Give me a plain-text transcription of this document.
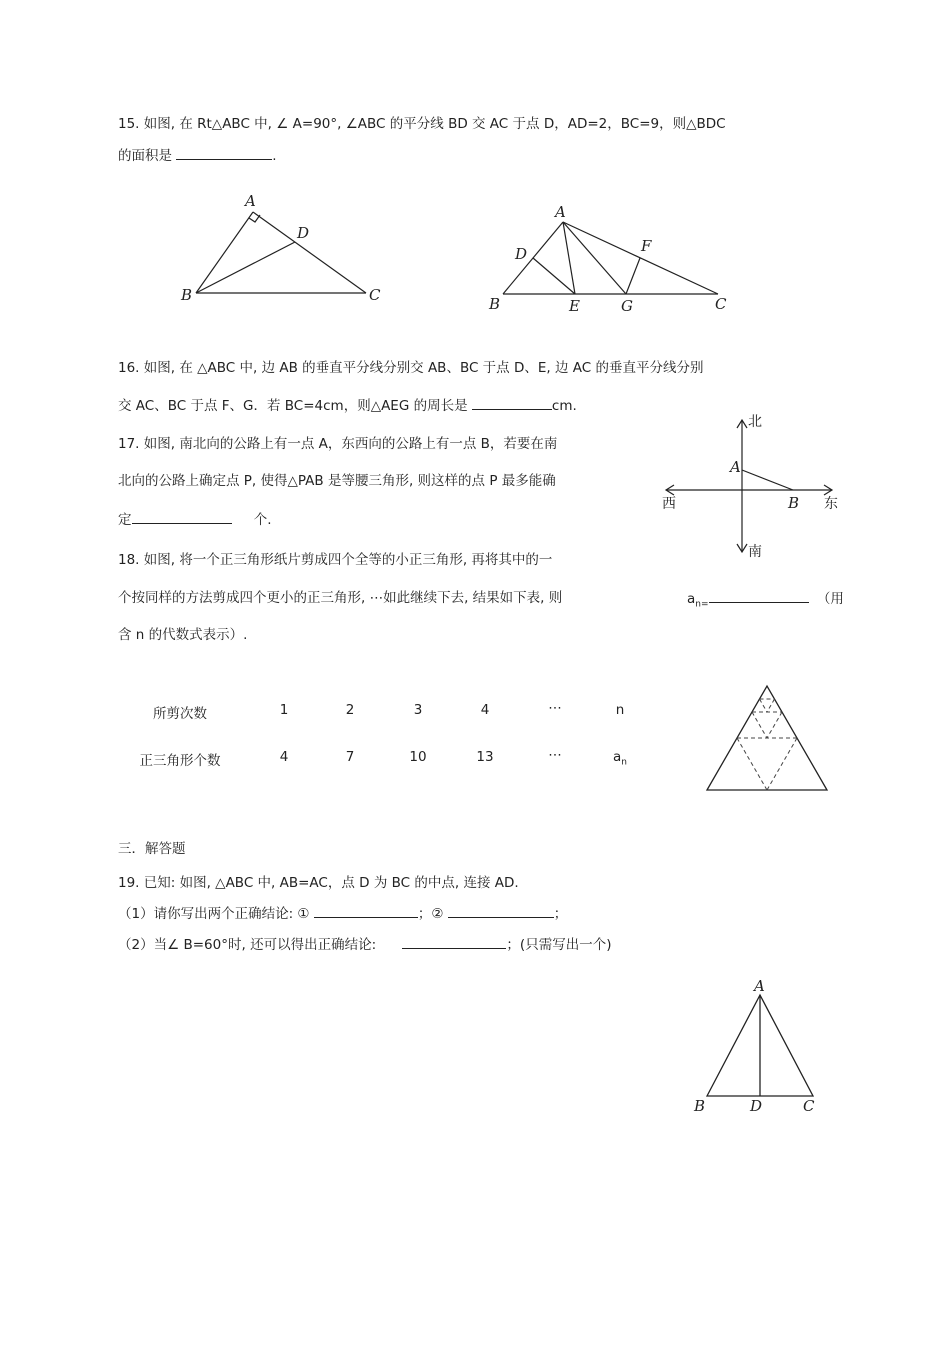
15. 如图, 在 Rt△ABC 中, ∠ A=90°, ∠ABC 的平分线 BD 交 AC 于点 D，AD=2，BC=9，则△BDC
的面积是	.
A
B	C
D
A
B	C
D
E
F
G
16. 如图, 在 △ABC 中, 边 AB 的垂直平分线分别交 AB、BC 于点 D、E, 边 AC 的垂直平分线分别
交 AC、BC 于点 F、G．若 BC=4cm，则△AEG 的周长是	cm.
17. 如图, 南北向的公路上有一点 A，东西向的公路上有一点 B，若要在南
北向的公路上确定点 P, 使得△PAB 是等腰三角形, 则这样的点 P 最多能确
定	个.
北
南
东
西
A
B
18. 如图, 将一个正三角形纸片剪成四个全等的小正三角形, 再将其中的一
个按同样的方法剪成四个更小的正三角形, ⋯如此继续下去, 结果如下表, 则	$a_{n=}$	（用
含 n 的代数式表示）.
所剪次数	1	2	3	4	⋯	n
正三角形个数	4	7	10	13	⋯	$a_n$
三．解答题
19. 已知: 如图, △ABC 中, AB=AC，点 D 为 BC 的中点, 连接 AD.
（1）请你写出两个正确结论: ①	；②	；
（2）当∠ B=60°时, 还可以得出正确结论:	；(只需写出一个)
A
B	C
D
